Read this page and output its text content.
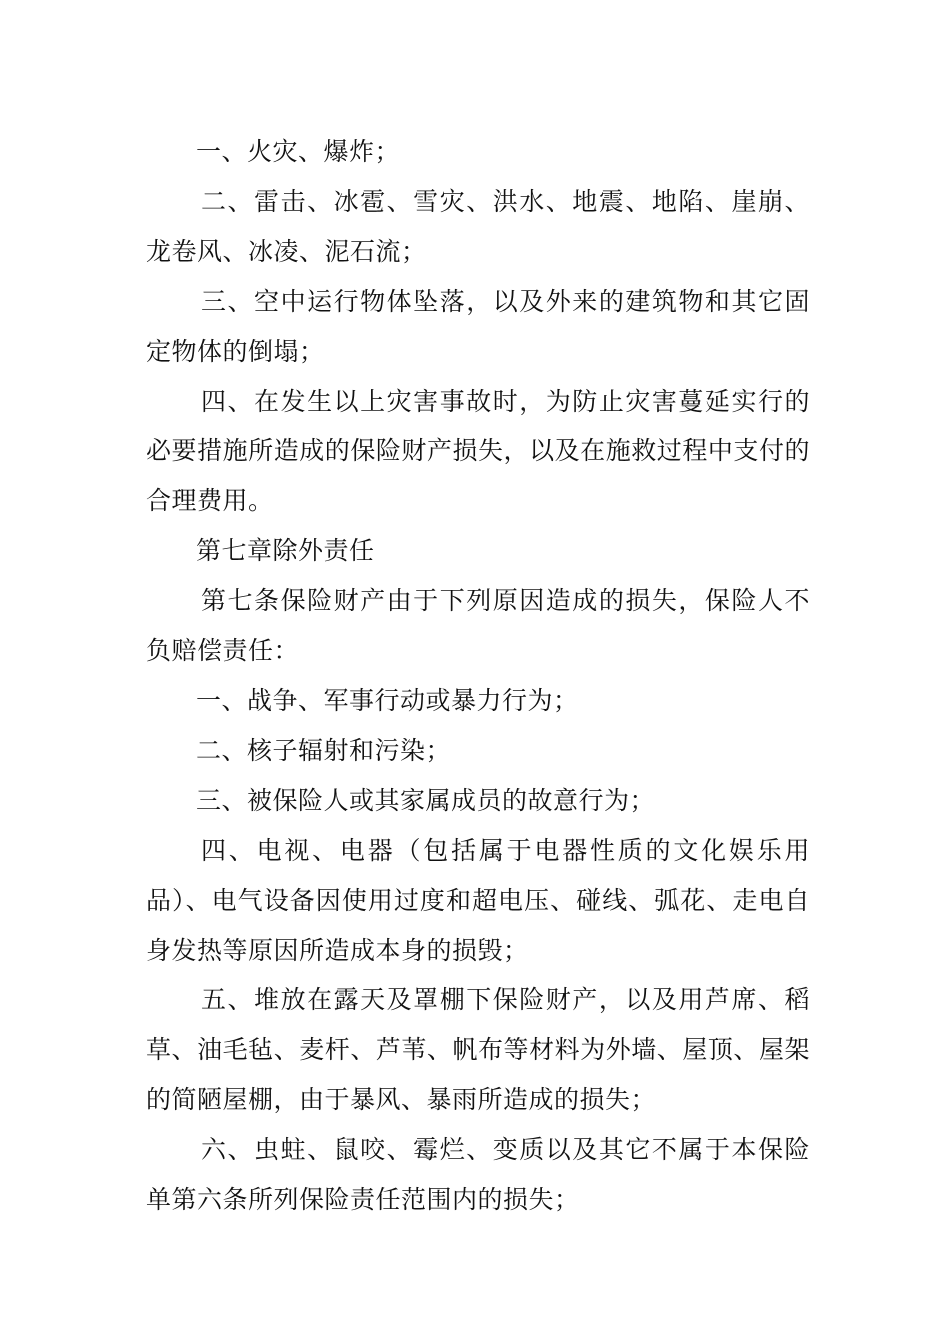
一、火灾、爆炸；

二、雷击、冰雹、雪灾、洪水、地震、地陷、崖崩、龙卷风、冰凌、泥石流；

三、空中运行物体坠落，以及外来的建筑物和其它固定物体的倒塌；

四、在发生以上灾害事故时，为防止灾害蔓延实行的必要措施所造成的保险财产损失，以及在施救过程中支付的合理费用。

第七章除外责任

第七条保险财产由于下列原因造成的损失，保险人不负赔偿责任：

一、战争、军事行动或暴力行为；

二、核子辐射和污染；

三、被保险人或其家属成员的故意行为；

四、电视、电器（包括属于电器性质的文化娱乐用品）、电气设备因使用过度和超电压、碰线、弧花、走电自身发热等原因所造成本身的损毁；

五、堆放在露天及罩棚下保险财产，以及用芦席、稻草、油毛毡、麦杆、芦苇、帆布等材料为外墙、屋顶、屋架的简陋屋棚，由于暴风、暴雨所造成的损失；

六、虫蛀、鼠咬、霉烂、变质以及其它不属于本保险单第六条所列保险责任范围内的损失；
